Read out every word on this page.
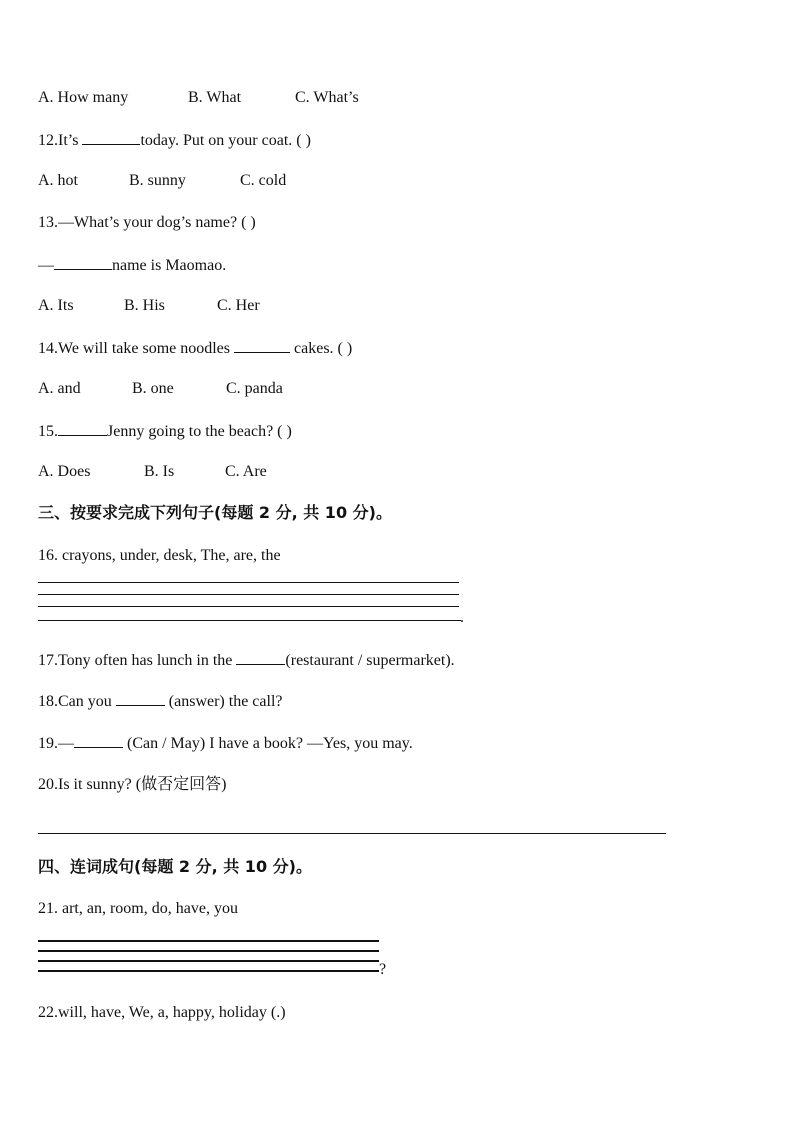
A. How many	B. What	C. What’s
12.It’s	today. Put on your coat. ( )
A. hot	B. sunny	C. cold
13.—What’s your dog’s name? ( )
—	name is Maomao.
A. Its	B. His	C. Her
14.We will take some noodles	cakes. ( )
A. and	B. one	C. panda
15.	Jenny going to the beach? ( )
A. Does	B. Is	C. Are
三、按要求完成下列句子(每题 2 分, 共 10 分)。
16. crayons, under, desk, The, are, the
.
17.Tony often has lunch in the	(restaurant / supermarket).
18.Can you	(answer) the call?
19.—	(Can / May) I have a book? —Yes, you may.
20.Is it sunny? (做否定回答)
四、连词成句(每题 2 分, 共 10 分)。
21. art, an, room, do, have, you
?
22.will, have, We, a, happy, holiday (.)
